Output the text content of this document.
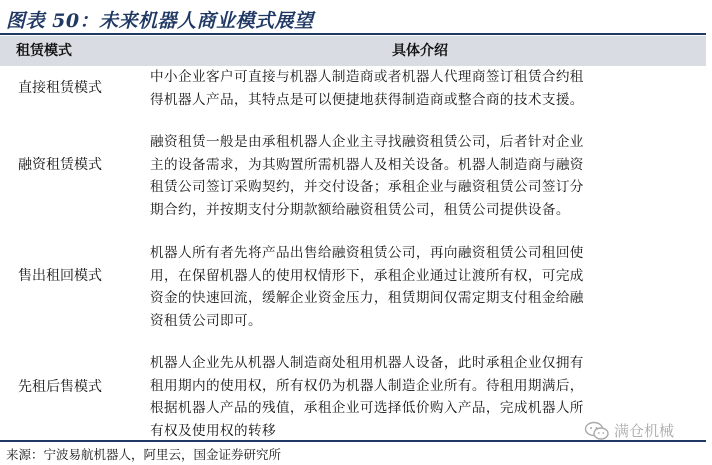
图表 50：未来机器人商业模式展望
租赁模式	具体介绍
直接租赁模式

中小企业客户可直接与机器人制造商或者机器人代理商签订租赁合约租
得机器人产品，其特点是可以便捷地获得制造商或整合商的技术支援。

融资租赁模式

融资租赁一般是由承租机器人企业主寻找融资租赁公司，后者针对企业
主的设备需求，为其购置所需机器人及相关设备。机器人制造商与融资
租赁公司签订采购契约，并交付设备；承租企业与融资租赁公司签订分
期合约，并按期支付分期款额给融资租赁公司，租赁公司提供设备。

售出租回模式

机器人所有者先将产品出售给融资租赁公司，再向融资租赁公司租回使
用，在保留机器人的使用权情形下，承租企业通过让渡所有权，可完成
资金的快速回流，缓解企业资金压力，租赁期间仅需定期支付租金给融
资租赁公司即可。

先租后售模式

机器人企业先从机器人制造商处租用机器人设备，此时承租企业仅拥有
租用期内的使用权，所有权仍为机器人制造企业所有。待租用期满后，
根据机器人产品的残值，承租企业可选择低价购入产品，完成机器人所
有权及使用权的转移	满仓机械
来源：宁波易航机器人，阿里云，国金证券研究所
